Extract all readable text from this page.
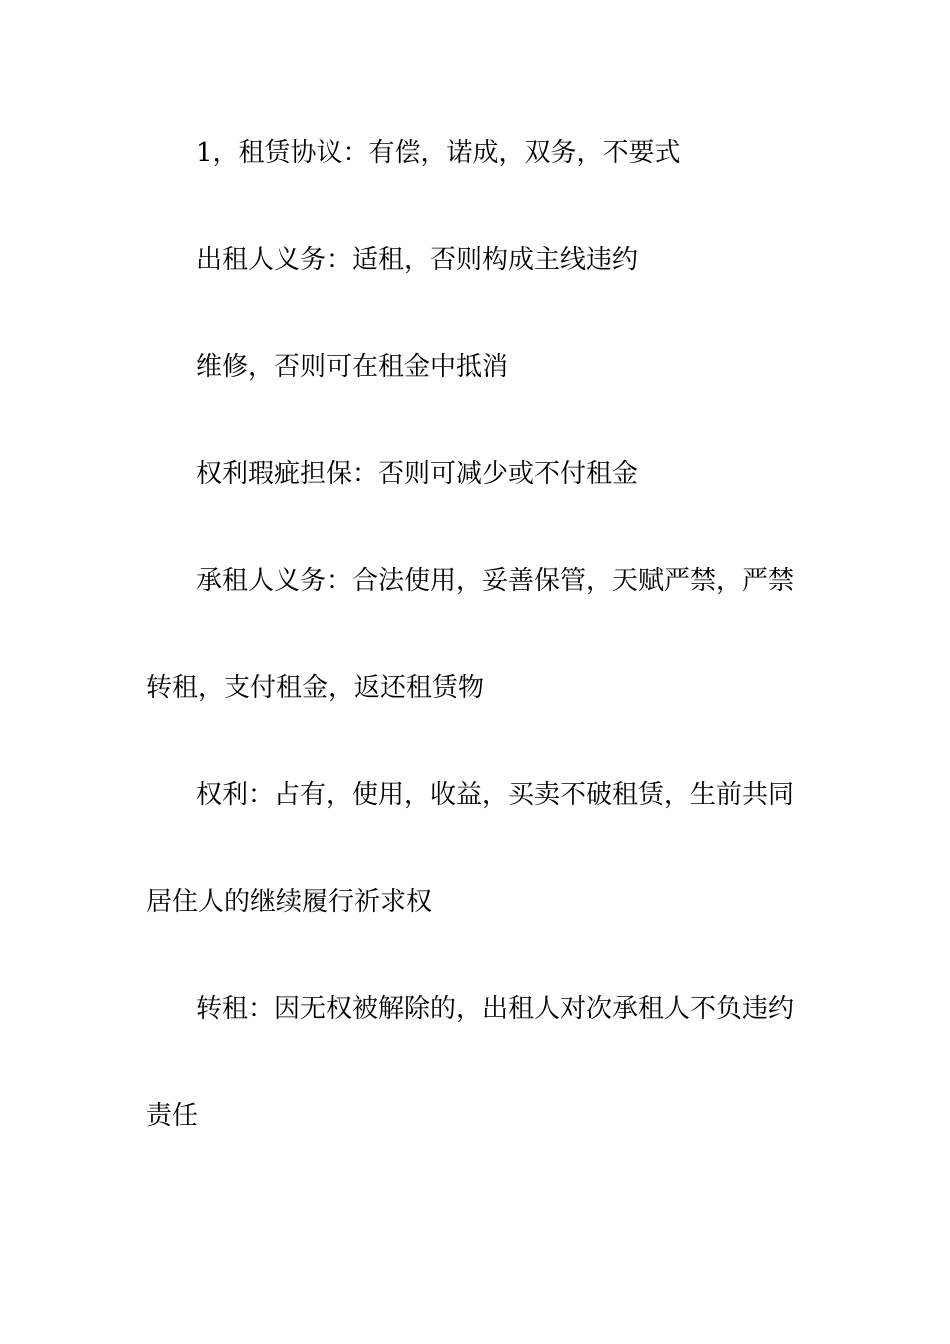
1，租赁协议：有偿，诺成，双务，不要式
出租人义务：适租，否则构成主线违约
维修，否则可在租金中抵消
权利瑕疵担保：否则可减少或不付租金
承租人义务：合法使用，妥善保管，天赋严禁，严禁
转租，支付租金，返还租赁物
权利：占有，使用，收益，买卖不破租赁，生前共同
居住人的继续履行祈求权
转租：因无权被解除的，出租人对次承租人不负违约
责任
